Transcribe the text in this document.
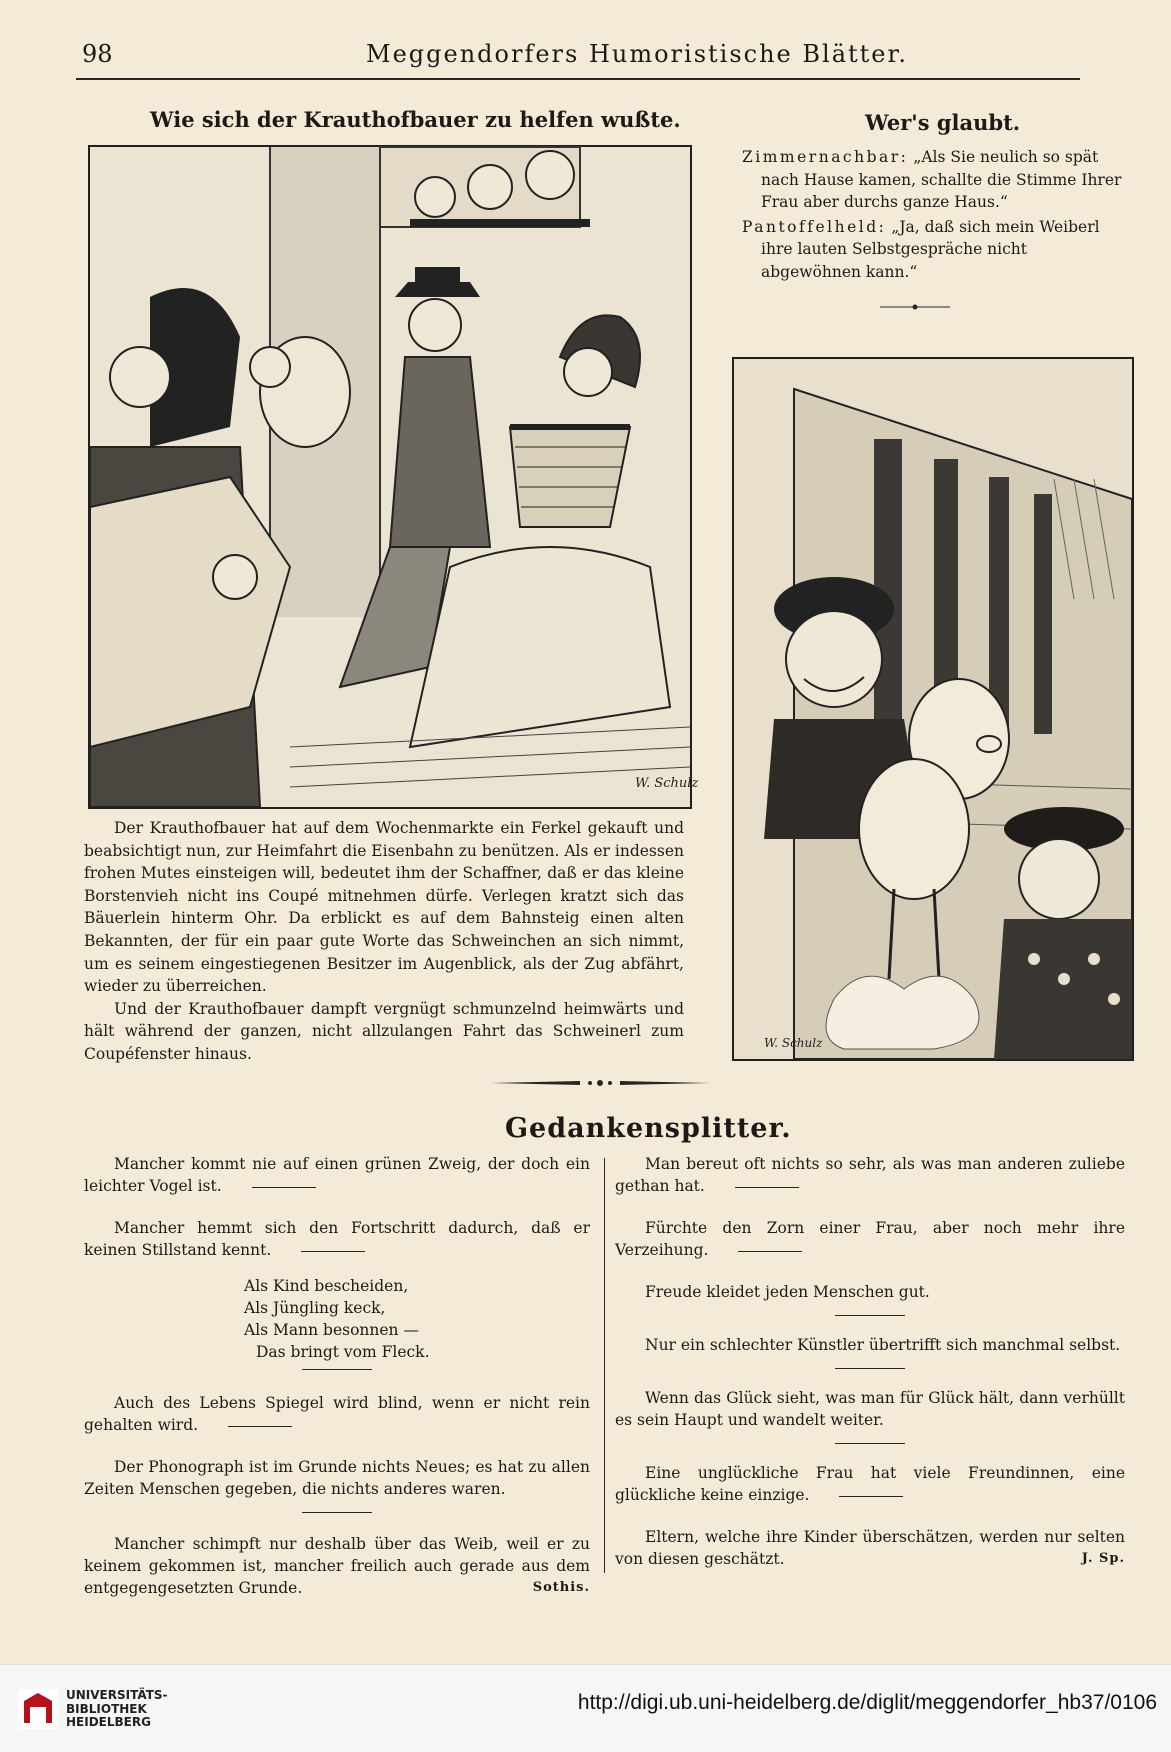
98	Meggendorfers Humoristische Blätter.
Wie sich der Krauthofbauer zu helfen wußte.
W. Schulz

Der Krauthofbauer hat auf dem Wochenmarkte ein Ferkel gekauft und beabsichtigt nun, zur Heimfahrt die Eisenbahn zu benützen. Als er indessen frohen Mutes einsteigen will, bedeutet ihm der Schaffner, daß er das kleine Borstenvieh nicht ins Coupé mitnehmen dürfe. Verlegen kratzt sich das Bäuerlein hinterm Ohr. Da erblickt es auf dem Bahnsteig einen alten Bekannten, der für ein paar gute Worte das Schweinchen an sich nimmt, um es seinem eingestiegenen Besitzer im Augenblick, als der Zug abfährt, wieder zu überreichen.

Und der Krauthofbauer dampft vergnügt schmunzelnd heimwärts und hält während der ganzen, nicht allzulangen Fahrt das Schweinerl zum Coupéfenster hinaus.

Wer's glaubt.

Zimmernachbar: „Als Sie neulich so spät nach Hause kamen, schallte die Stimme Ihrer Frau aber durchs ganze Haus.“

Pantoffelheld: „Ja, daß sich mein Weiberl ihre lauten Selbstgespräche nicht abgewöhnen kann.“

W. Schulz
Gedankensplitter.

Mancher kommt nie auf einen grünen Zweig, der doch ein leichter Vogel ist.

Mancher hemmt sich den Fortschritt dadurch, daß er keinen Stillstand kennt.

Als Kind bescheiden,
Als Jüngling keck,
Als Mann besonnen —
Das bringt vom Fleck.

Auch des Lebens Spiegel wird blind, wenn er nicht rein gehalten wird.

Der Phonograph ist im Grunde nichts Neues; es hat zu allen Zeiten Menschen gegeben, die nichts anderes waren.

Mancher schimpft nur deshalb über das Weib, weil er zu keinem gekommen ist, mancher freilich auch gerade aus dem entgegengesetzten Grunde.	Sothis.

Man bereut oft nichts so sehr, als was man anderen zuliebe gethan hat.

Fürchte den Zorn einer Frau, aber noch mehr ihre Verzeihung.

Freude kleidet jeden Menschen gut.

Nur ein schlechter Künstler übertrifft sich manchmal selbst.

Wenn das Glück sieht, was man für Glück hält, dann verhüllt es sein Haupt und wandelt weiter.

Eine unglückliche Frau hat viele Freundinnen, eine glückliche keine einzige.

Eltern, welche ihre Kinder überschätzen, werden nur selten von diesen geschätzt.	J. Sp.

UNIVERSITÄTS-
BIBLIOTHEK
HEIDELBERG
http://digi.ub.uni-heidelberg.de/diglit/meggendorfer_hb37/0106
